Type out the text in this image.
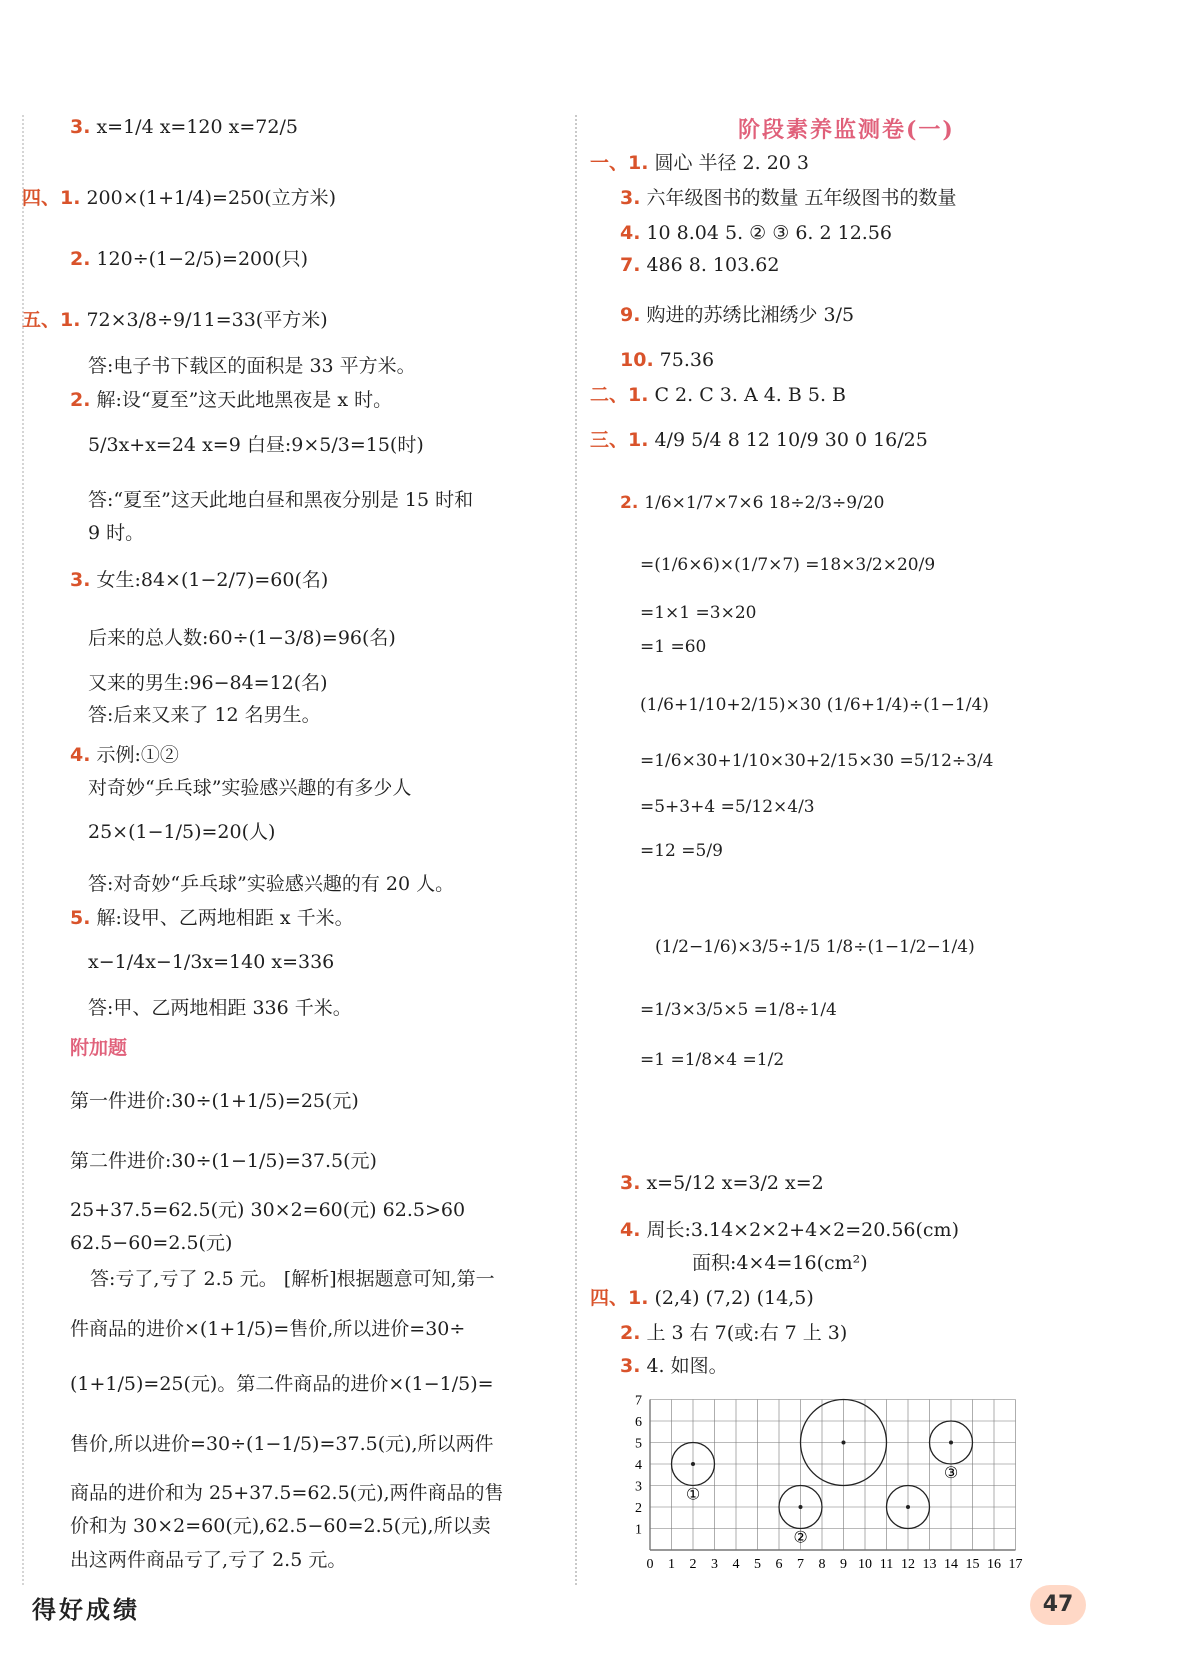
3. x=1/4 x=120 x=72/5
四、1. 200×(1+1/4)=250(立方米)
2. 120÷(1−2/5)=200(只)
五、1. 72×3/8÷9/11=33(平方米)
答:电子书下载区的面积是 33 平方米。
2. 解:设“夏至”这天此地黑夜是 x 时。
5/3x+x=24 x=9 白昼:9×5/3=15(时)
答:“夏至”这天此地白昼和黑夜分别是 15 时和
9 时。
3. 女生:84×(1−2/7)=60(名)
后来的总人数:60÷(1−3/8)=96(名)
又来的男生:96−84=12(名)
答:后来又来了 12 名男生。
4. 示例:①②
对奇妙“乒乓球”实验感兴趣的有多少人
25×(1−1/5)=20(人)
答:对奇妙“乒乓球”实验感兴趣的有 20 人。
5. 解:设甲、乙两地相距 x 千米。
x−1/4x−1/3x=140 x=336
答:甲、乙两地相距 336 千米。
附加题
第一件进价:30÷(1+1/5)=25(元)
第二件进价:30÷(1−1/5)=37.5(元)
25+37.5=62.5(元) 30×2=60(元) 62.5>60
62.5−60=2.5(元)
答:亏了,亏了 2.5 元。 [解析]根据题意可知,第一
件商品的进价×(1+1/5)=售价,所以进价=30÷
(1+1/5)=25(元)。第二件商品的进价×(1−1/5)=
售价,所以进价=30÷(1−1/5)=37.5(元),所以两件
商品的进价和为 25+37.5=62.5(元),两件商品的售
价和为 30×2=60(元),62.5−60=2.5(元),所以卖
出这两件商品亏了,亏了 2.5 元。
阶段素养监测卷(一)
一、1. 圆心 半径 2. 20 3
3. 六年级图书的数量 五年级图书的数量
4. 10 8.04 5. ② ③ 6. 2 12.56
7. 486 8. 103.62
9. 购进的苏绣比湘绣少 3/5
10. 75.36
二、1. C 2. C 3. A 4. B 5. B
三、1. 4/9 5/4 8 12 10/9 30 0 16/25
2. 1/6×1/7×7×6 18÷2/3÷9/20
=(1/6×6)×(1/7×7) =18×3/2×20/9
=1×1 =3×20
=1 =60
(1/6+1/10+2/15)×30 (1/6+1/4)÷(1−1/4)
=1/6×30+1/10×30+2/15×30 =5/12÷3/4
=5+3+4 =5/12×4/3
=12 =5/9
(1/2−1/6)×3/5÷1/5 1/8÷(1−1/2−1/4)
=1/3×3/5×5 =1/8÷1/4
=1 =1/8×4 =1/2
3. x=5/12 x=3/2 x=2
4. 周长:3.14×2×2+4×2=20.56(cm)
面积:4×4=16(cm²)
四、1. (2,4) (7,2) (14,5)
2. 上 3 右 7(或:右 7 上 3)
3. 4. 如图。
0 1 2 3 4 5 6 7 8 9 10 11 12 13 14 15 16 17
1
2
3
4
5
6
7
①
②
③
得好成绩	47
